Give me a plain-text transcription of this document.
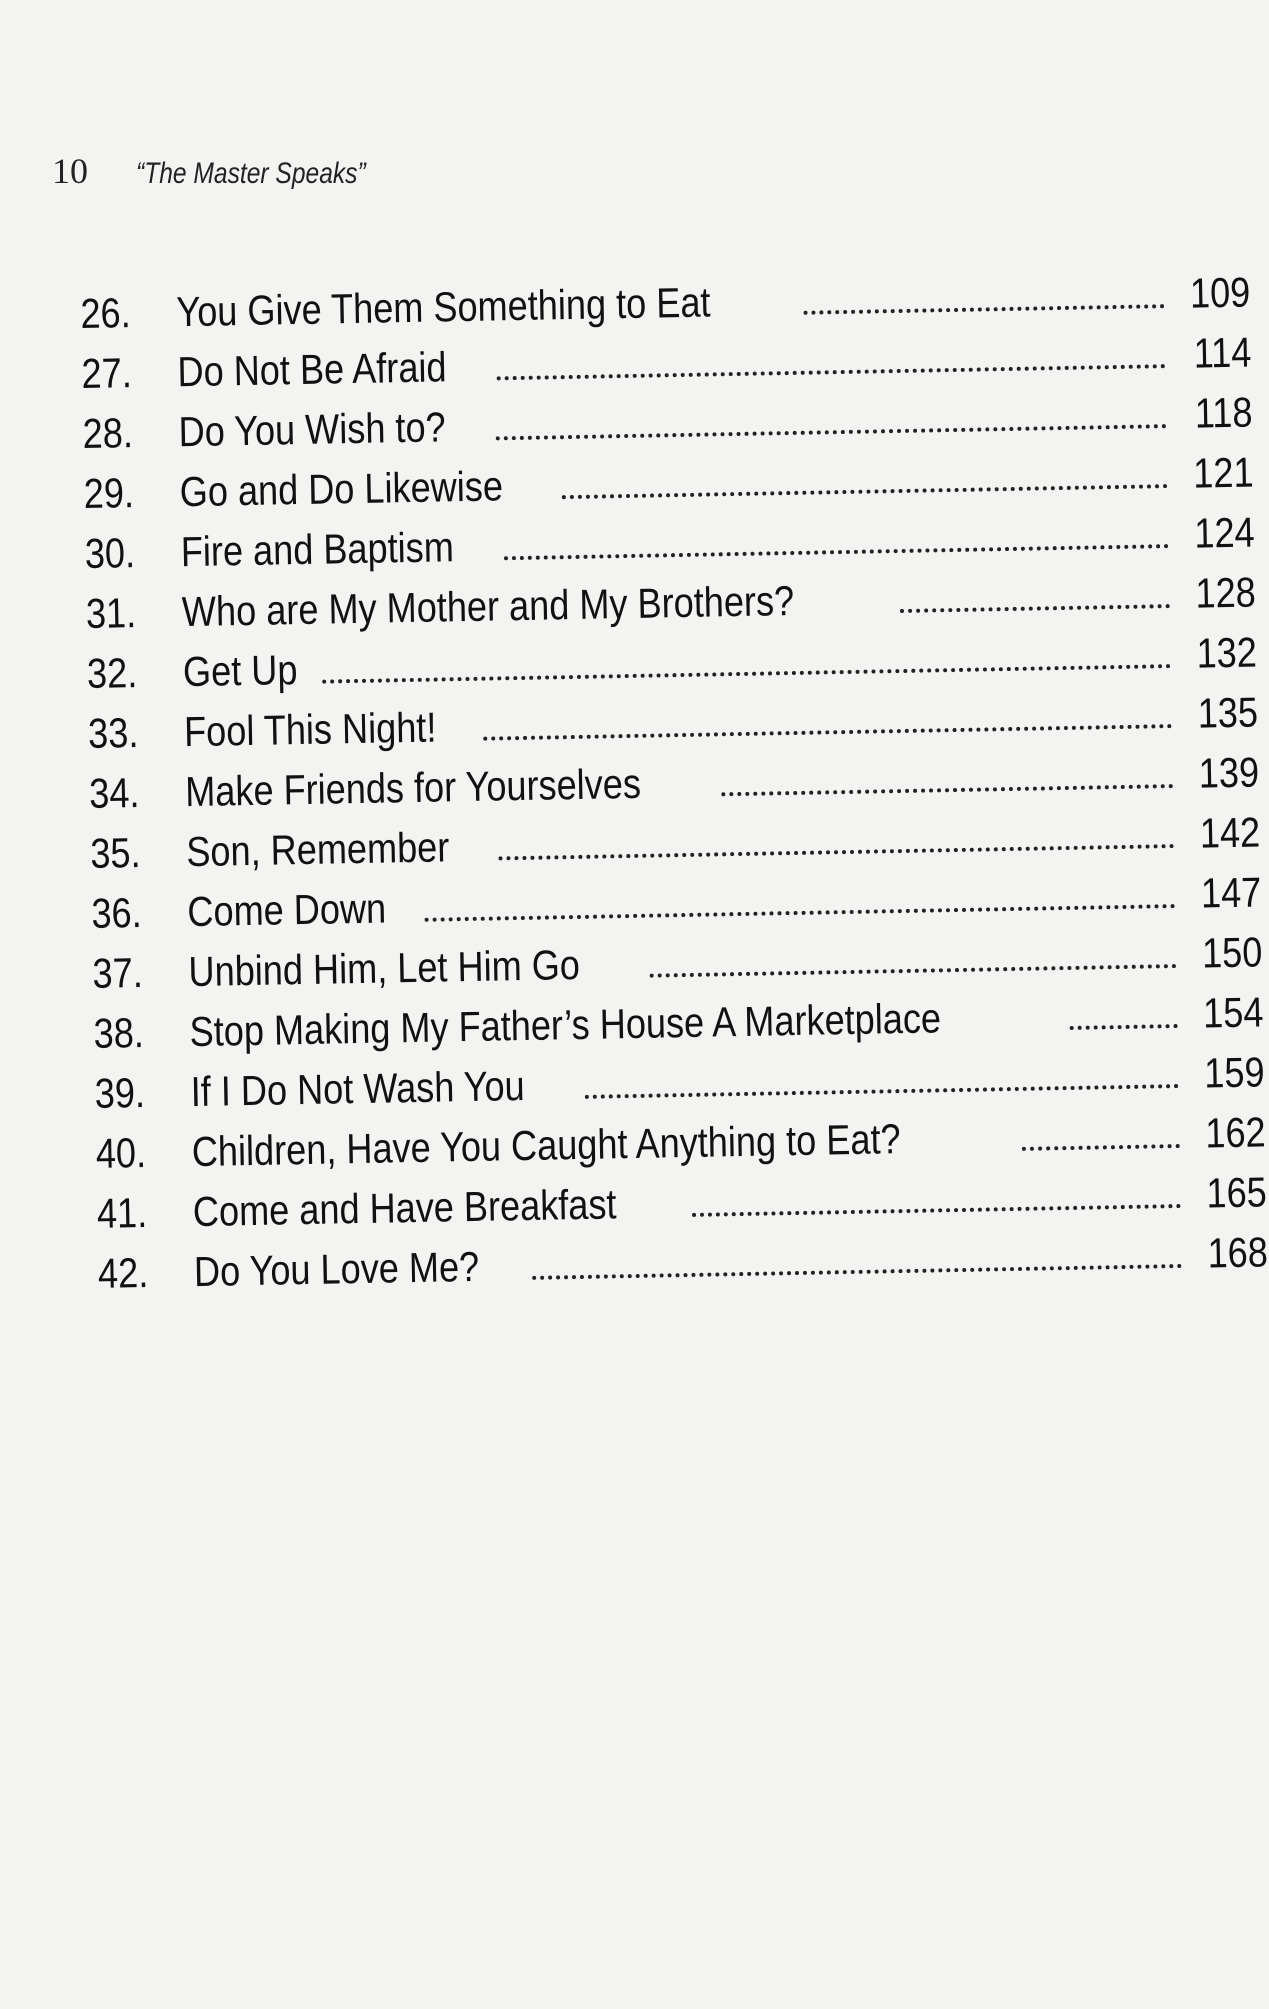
10 “The Master Speaks”
26.	You Give Them Something to Eat	109
27.	Do Not Be Afraid	114
28.	Do You Wish to?	118
29.	Go and Do Likewise	121
30.	Fire and Baptism	124
31.	Who are My Mother and My Brothers?	128
32.	Get Up	132
33.	Fool This Night!	135
34.	Make Friends for Yourselves	139
35.	Son, Remember	142
36.	Come Down	147
37.	Unbind Him, Let Him Go	150
38.	Stop Making My Father’s House A Marketplace	154
39.	If I Do Not Wash You	159
40.	Children, Have You Caught Anything to Eat?	162
41.	Come and Have Breakfast	165
42.	Do You Love Me?	168
